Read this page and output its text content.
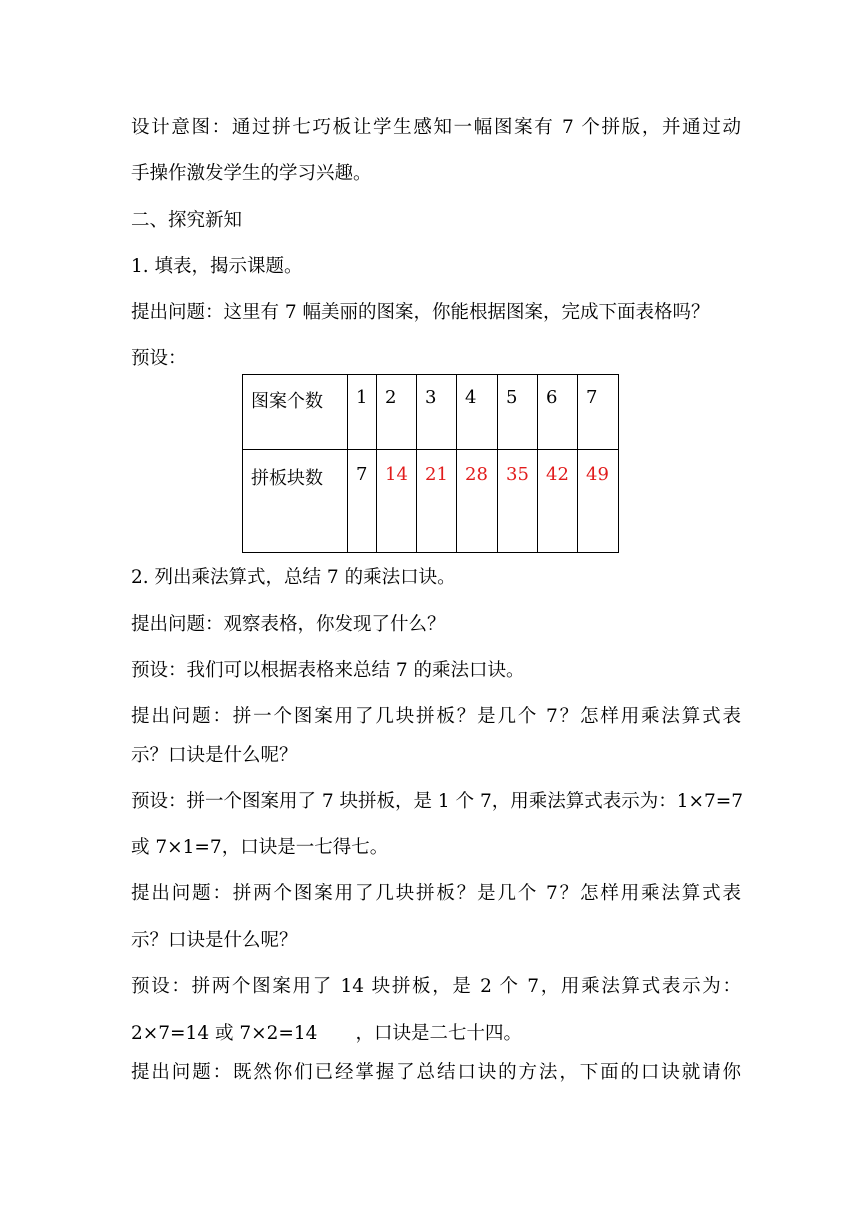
设计意图：通过拼七巧板让学生感知一幅图案有 7 个拼版，并通过动
手操作激发学生的学习兴趣。
二、探究新知
1. 填表，揭示课题。
提出问题：这里有 7 幅美丽的图案，你能根据图案，完成下面表格吗？
预设：
图案个数	1	2	3	4	5	6	7
拼板块数	7	14	21	28	35	42	49
2. 列出乘法算式，总结 7 的乘法口诀。
提出问题：观察表格，你发现了什么？
预设：我们可以根据表格来总结 7 的乘法口诀。
提出问题：拼一个图案用了几块拼板？是几个 7？怎样用乘法算式表
示？口诀是什么呢？
预设：拼一个图案用了 7 块拼板，是 1 个 7，用乘法算式表示为：1×7=7
或 7×1=7，口诀是一七得七。
提出问题：拼两个图案用了几块拼板？是几个 7？怎样用乘法算式表
示？口诀是什么呢？
预设：拼两个图案用了 14 块拼板，是 2 个 7，用乘法算式表示为：
2×7=14 或 7×2=14 ，口诀是二七十四。
提出问题：既然你们已经掌握了总结口诀的方法，下面的口诀就请你
